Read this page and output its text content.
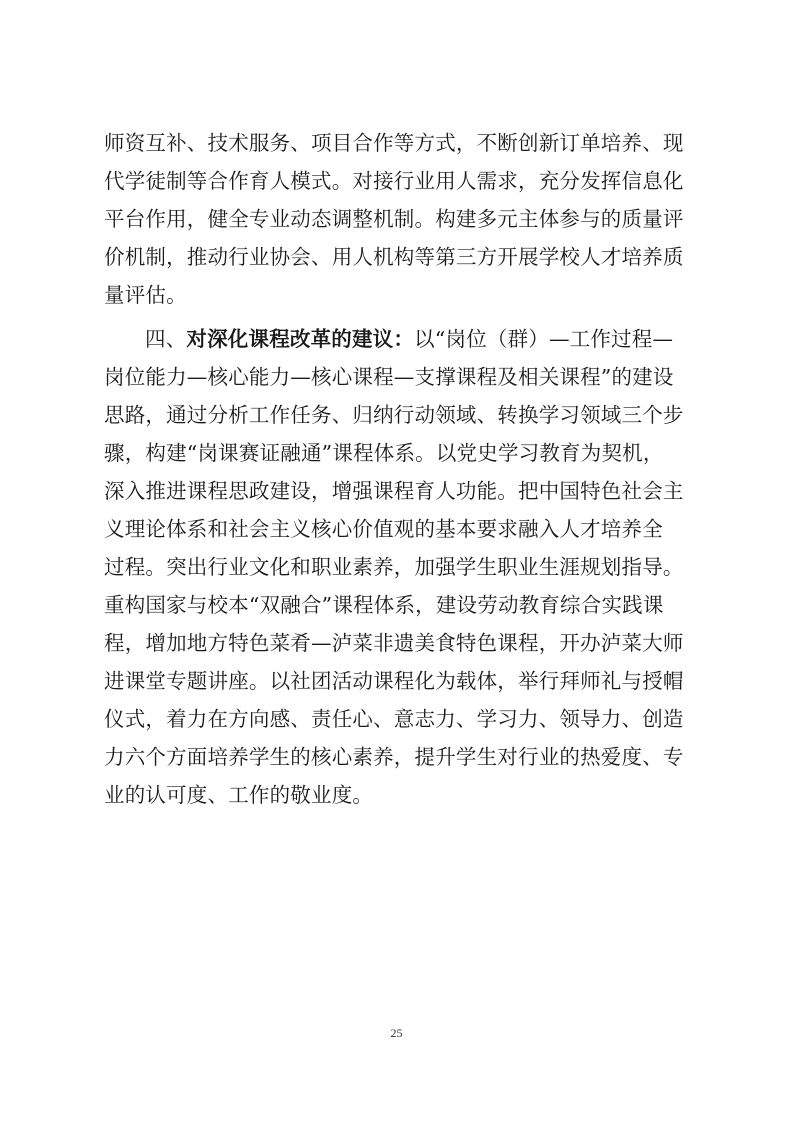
师资互补、技术服务、项目合作等方式，不断创新订单培养、现
代学徒制等合作育人模式。对接行业用人需求，充分发挥信息化
平台作用，健全专业动态调整机制。构建多元主体参与的质量评
价机制，推动行业协会、用人机构等第三方开展学校人才培养质
量评估。
四、对深化课程改革的建议：以“岗位（群）—工作过程—
岗位能力—核心能力—核心课程—支撑课程及相关课程”的建设
思路，通过分析工作任务、归纳行动领域、转换学习领域三个步
骤，构建“岗课赛证融通”课程体系。以党史学习教育为契机，
深入推进课程思政建设，增强课程育人功能。把中国特色社会主
义理论体系和社会主义核心价值观的基本要求融入人才培养全
过程。突出行业文化和职业素养，加强学生职业生涯规划指导。
重构国家与校本“双融合”课程体系，建设劳动教育综合实践课
程，增加地方特色菜肴—泸菜非遗美食特色课程，开办泸菜大师
进课堂专题讲座。以社团活动课程化为载体，举行拜师礼与授帽
仪式，着力在方向感、责任心、意志力、学习力、领导力、创造
力六个方面培养学生的核心素养，提升学生对行业的热爱度、专
业的认可度、工作的敬业度。
25
